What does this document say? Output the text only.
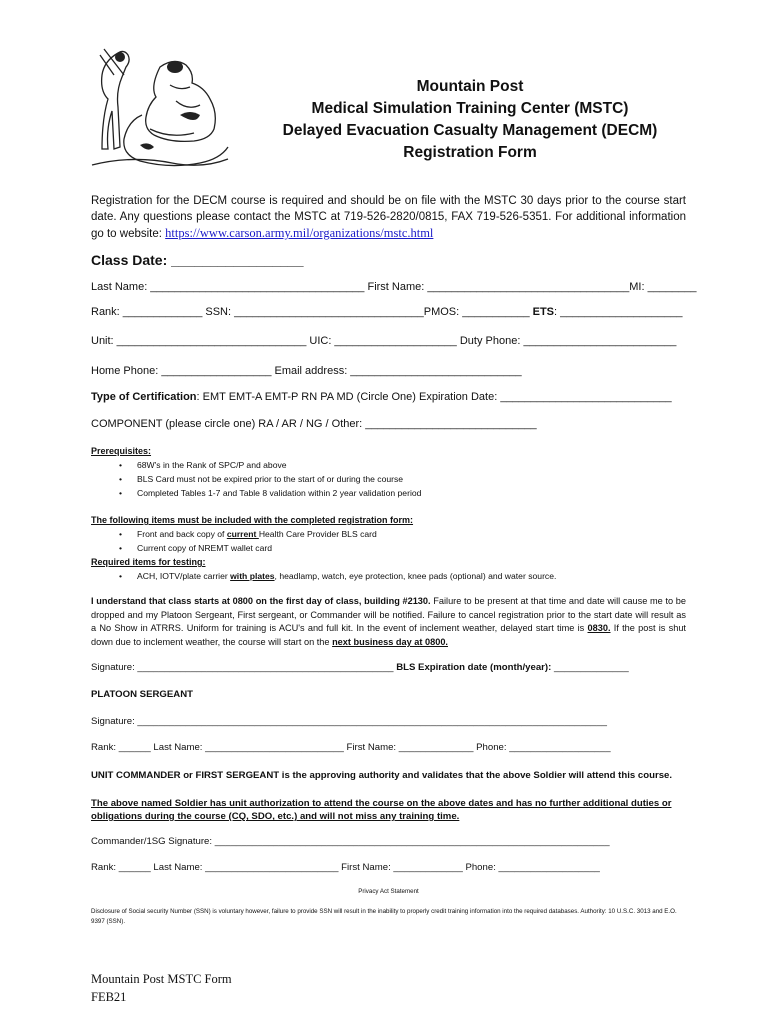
Mountain Post
Medical Simulation Training Center (MSTC)
Delayed Evacuation Casualty Management (DECM)
Registration Form
Registration for the DECM course is required and should be on file with the MSTC 30 days prior to the course start date. Any questions please contact the MSTC at 719-526-2820/0815, FAX 719-526-5351. For additional information go to website: https://www.carson.army.mil/organizations/mstc.html
Class Date: _________________
Last Name: ___________________________________ First Name: _________________________________MI: ________
Rank: _____________ SSN: _______________________________PMOS: ___________ ETS: ____________________
Unit: _______________________________ UIC: ____________________ Duty Phone: _________________________
Home Phone: __________________ Email address: ____________________________
Type of Certification: EMT EMT-A EMT-P RN PA MD (Circle One) Expiration Date: ____________________________
COMPONENT (please circle one) RA / AR / NG / Other: ____________________________
Prerequisites:
• 68W's in the Rank of SPC/P and above
• BLS Card must not be expired prior to the start of or during the course
• Completed Tables 1-7 and Table 8 validation within 2 year validation period
The following items must be included with the completed registration form:
• Front and back copy of current Health Care Provider BLS card
• Current copy of NREMT wallet card
Required items for testing:
• ACH, IOTV/plate carrier with plates, headlamp, watch, eye protection, knee pads (optional) and water source.
I understand that class starts at 0800 on the first day of class, building #2130. Failure to be present at that time and date will cause me to be dropped and my Platoon Sergeant, First sergeant, or Commander will be notified. Failure to cancel registration prior to the start date will result as a No Show in ATRRS. Uniform for training is ACU's and full kit. In the event of inclement weather, delayed start time is 0830. If the post is shut down due to inclement weather, the course will start on the next business day at 0800.
Signature: ________________________________________________ BLS Expiration date (month/year): ______________
PLATOON SERGEANT
Signature: ________________________________________________________________________________________
Rank: ______ Last Name: __________________________ First Name: ______________ Phone: ___________________
UNIT COMMANDER or FIRST SERGEANT is the approving authority and validates that the above Soldier will attend this course.
The above named Soldier has unit authorization to attend the course on the above dates and has no further additional duties or
obligations during the course (CQ, SDO, etc.) and will not miss any training time.
Commander/1SG Signature: __________________________________________________________________________
Rank: ______ Last Name: _________________________ First Name: _____________ Phone: ___________________
Privacy Act Statement
Disclosure of Social security Number (SSN) is voluntary however, failure to provide SSN will result in the inability to properly credit training information into the required databases. Authority: 10 U.S.C. 3013 and E.O. 9397 (SSN).
Mountain Post MSTC Form
FEB21
